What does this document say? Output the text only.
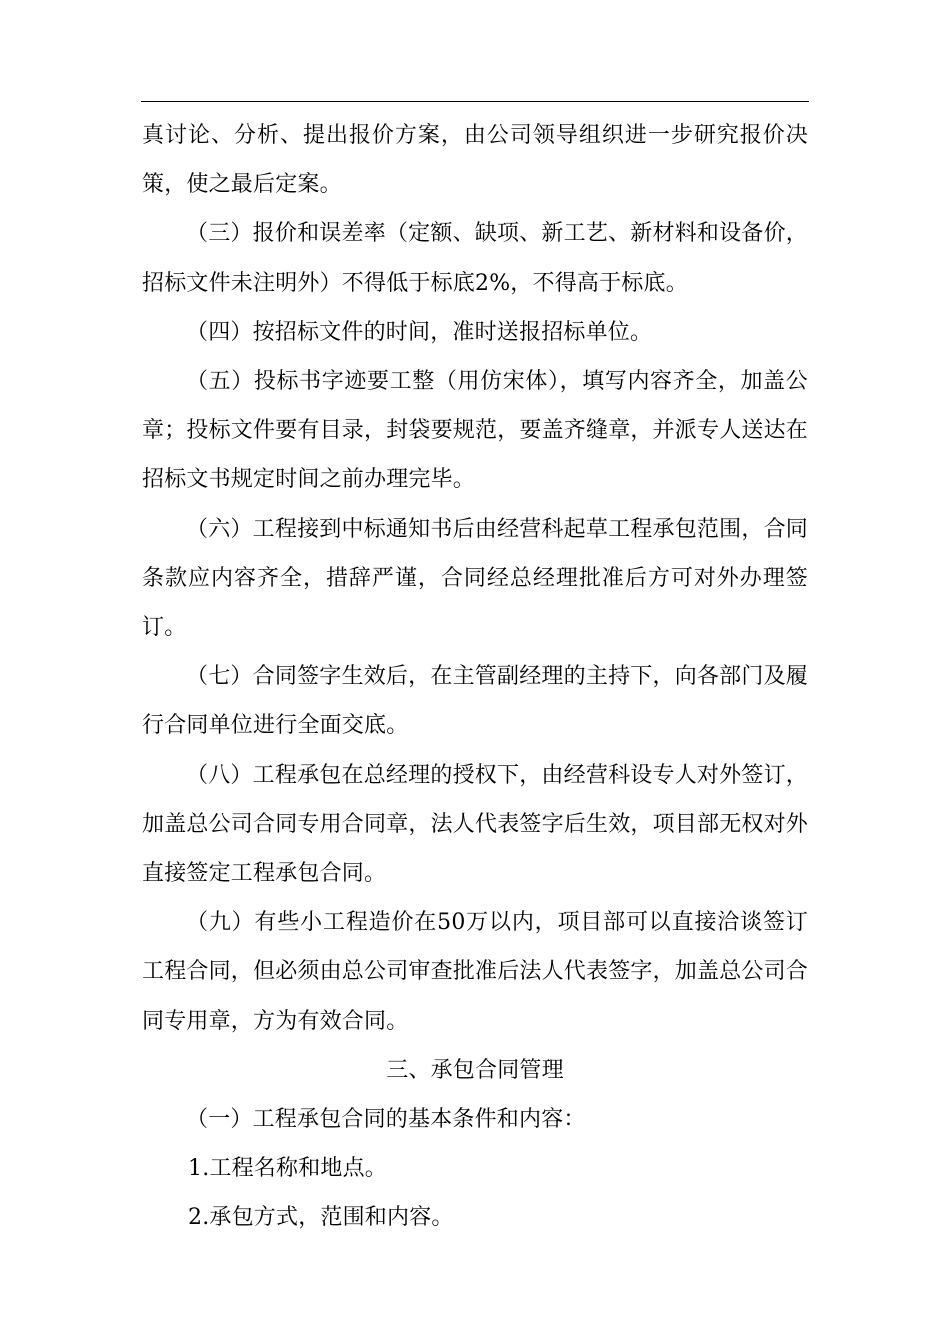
真讨论、分析、提出报价方案，由公司领导组织进一步研究报价决策，使之最后定案。

（三）报价和误差率（定额、缺项、新工艺、新材料和设备价，招标文件未注明外）不得低于标底2%，不得高于标底。

（四）按招标文件的时间，准时送报招标单位。

（五）投标书字迹要工整（用仿宋体），填写内容齐全，加盖公章；投标文件要有目录，封袋要规范，要盖齐缝章，并派专人送达在招标文书规定时间之前办理完毕。

（六）工程接到中标通知书后由经营科起草工程承包范围，合同条款应内容齐全，措辞严谨，合同经总经理批准后方可对外办理签订。

（七）合同签字生效后，在主管副经理的主持下，向各部门及履行合同单位进行全面交底。

（八）工程承包在总经理的授权下，由经营科设专人对外签订，加盖总公司合同专用合同章，法人代表签字后生效，项目部无权对外直接签定工程承包合同。

（九）有些小工程造价在50万以内，项目部可以直接洽谈签订工程合同，但必须由总公司审查批准后法人代表签字，加盖总公司合同专用章，方为有效合同。

三、承包合同管理

（一）工程承包合同的基本条件和内容：

1.工程名称和地点。

2.承包方式，范围和内容。
